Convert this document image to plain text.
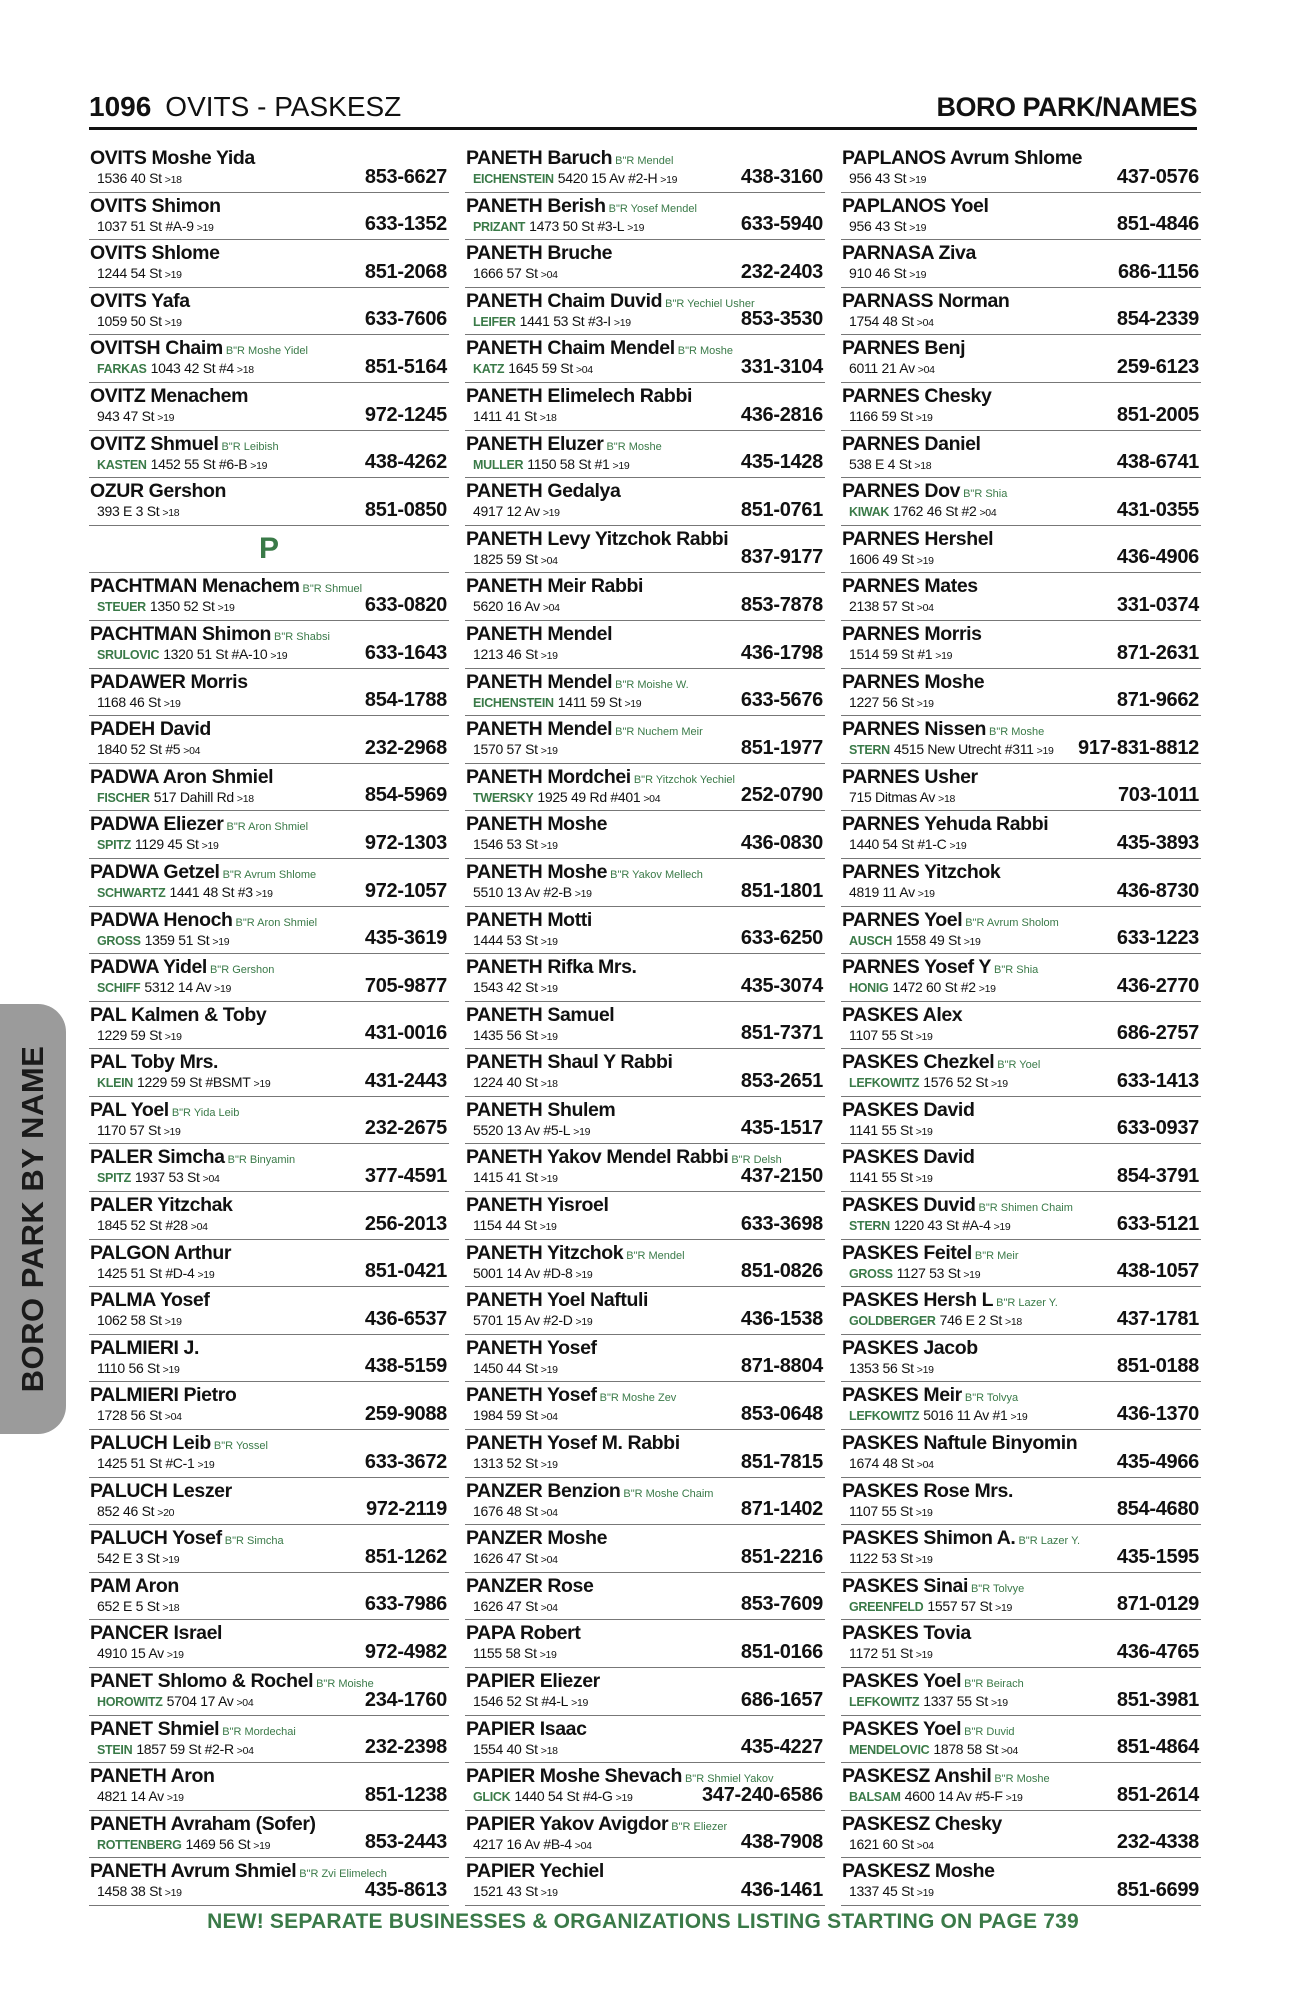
1096 OVITS - PASKESZ	BORO PARK/NAMES
BORO PARK BY NAME
OVITS Moshe Yida
1536 40 St >18	853-6627
OVITS Shimon
1037 51 St #A-9 >19	633-1352
OVITS Shlome
1244 54 St >19	851-2068
OVITS Yafa
1059 50 St >19	633-7606
OVITSH Chaim B"R Moshe Yidel
FARKAS 1043 42 St #4 >18	851-5164
OVITZ Menachem
943 47 St >19	972-1245
OVITZ Shmuel B"R Leibish
KASTEN 1452 55 St #6-B >19	438-4262
OZUR Gershon
393 E 3 St >18	851-0850
P
PACHTMAN Menachem B"R Shmuel
STEUER 1350 52 St >19	633-0820
PACHTMAN Shimon B"R Shabsi
SRULOVIC 1320 51 St #A-10 >19	633-1643
PADAWER Morris
1168 46 St >19	854-1788
PADEH David
1840 52 St #5 >04	232-2968
PADWA Aron Shmiel
FISCHER 517 Dahill Rd >18	854-5969
PADWA Eliezer B"R Aron Shmiel
SPITZ 1129 45 St >19	972-1303
PADWA Getzel B"R Avrum Shlome
SCHWARTZ 1441 48 St #3 >19	972-1057
PADWA Henoch B"R Aron Shmiel
GROSS 1359 51 St >19	435-3619
PADWA Yidel B"R Gershon
SCHIFF 5312 14 Av >19	705-9877
PAL Kalmen & Toby
1229 59 St >19	431-0016
PAL Toby Mrs.
KLEIN 1229 59 St #BSMT >19	431-2443
PAL Yoel B"R Yida Leib
1170 57 St >19	232-2675
PALER Simcha B"R Binyamin
SPITZ 1937 53 St >04	377-4591
PALER Yitzchak
1845 52 St #28 >04	256-2013
PALGON Arthur
1425 51 St #D-4 >19	851-0421
PALMA Yosef
1062 58 St >19	436-6537
PALMIERI J.
1110 56 St >19	438-5159
PALMIERI Pietro
1728 56 St >04	259-9088
PALUCH Leib B"R Yossel
1425 51 St #C-1 >19	633-3672
PALUCH Leszer
852 46 St >20	972-2119
PALUCH Yosef B"R Simcha
542 E 3 St >19	851-1262
PAM Aron
652 E 5 St >18	633-7986
PANCER Israel
4910 15 Av >19	972-4982
PANET Shlomo & Rochel B"R Moishe
HOROWITZ 5704 17 Av >04	234-1760
PANET Shmiel B"R Mordechai
STEIN 1857 59 St #2-R >04	232-2398
PANETH Aron
4821 14 Av >19	851-1238
PANETH Avraham (Sofer)
ROTTENBERG 1469 56 St >19	853-2443
PANETH Avrum Shmiel B"R Zvi Elimelech
1458 38 St >19	435-8613
PANETH Baruch B"R Mendel
EICHENSTEIN 5420 15 Av #2-H >19	438-3160
PANETH Berish B"R Yosef Mendel
PRIZANT 1473 50 St #3-L >19	633-5940
PANETH Bruche
1666 57 St >04	232-2403
PANETH Chaim Duvid B"R Yechiel Usher
LEIFER 1441 53 St #3-I >19	853-3530
PANETH Chaim Mendel B"R Moshe
KATZ 1645 59 St >04	331-3104
PANETH Elimelech Rabbi
1411 41 St >18	436-2816
PANETH Eluzer B"R Moshe
MULLER 1150 58 St #1 >19	435-1428
PANETH Gedalya
4917 12 Av >19	851-0761
PANETH Levy Yitzchok Rabbi
1825 59 St >04	837-9177
PANETH Meir Rabbi
5620 16 Av >04	853-7878
PANETH Mendel
1213 46 St >19	436-1798
PANETH Mendel B"R Moishe W.
EICHENSTEIN 1411 59 St >19	633-5676
PANETH Mendel B"R Nuchem Meir
1570 57 St >19	851-1977
PANETH Mordchei B"R Yitzchok Yechiel
TWERSKY 1925 49 Rd #401 >04	252-0790
PANETH Moshe
1546 53 St >19	436-0830
PANETH Moshe B"R Yakov Mellech
5510 13 Av #2-B >19	851-1801
PANETH Motti
1444 53 St >19	633-6250
PANETH Rifka Mrs.
1543 42 St >19	435-3074
PANETH Samuel
1435 56 St >19	851-7371
PANETH Shaul Y Rabbi
1224 40 St >18	853-2651
PANETH Shulem
5520 13 Av #5-L >19	435-1517
PANETH Yakov Mendel Rabbi B"R Delsh
1415 41 St >19	437-2150
PANETH Yisroel
1154 44 St >19	633-3698
PANETH Yitzchok B"R Mendel
5001 14 Av #D-8 >19	851-0826
PANETH Yoel Naftuli
5701 15 Av #2-D >19	436-1538
PANETH Yosef
1450 44 St >19	871-8804
PANETH Yosef B"R Moshe Zev
1984 59 St >04	853-0648
PANETH Yosef M. Rabbi
1313 52 St >19	851-7815
PANZER Benzion B"R Moshe Chaim
1676 48 St >04	871-1402
PANZER Moshe
1626 47 St >04	851-2216
PANZER Rose
1626 47 St >04	853-7609
PAPA Robert
1155 58 St >19	851-0166
PAPIER Eliezer
1546 52 St #4-L >19	686-1657
PAPIER Isaac
1554 40 St >18	435-4227
PAPIER Moshe Shevach B"R Shmiel Yakov
GLICK 1440 54 St #4-G >19	347-240-6586
PAPIER Yakov Avigdor B"R Eliezer
4217 16 Av #B-4 >04	438-7908
PAPIER Yechiel
1521 43 St >19	436-1461
PAPLANOS Avrum Shlome
956 43 St >19	437-0576
PAPLANOS Yoel
956 43 St >19	851-4846
PARNASA Ziva
910 46 St >19	686-1156
PARNASS Norman
1754 48 St >04	854-2339
PARNES Benj
6011 21 Av >04	259-6123
PARNES Chesky
1166 59 St >19	851-2005
PARNES Daniel
538 E 4 St >18	438-6741
PARNES Dov B"R Shia
KIWAK 1762 46 St #2 >04	431-0355
PARNES Hershel
1606 49 St >19	436-4906
PARNES Mates
2138 57 St >04	331-0374
PARNES Morris
1514 59 St #1 >19	871-2631
PARNES Moshe
1227 56 St >19	871-9662
PARNES Nissen B"R Moshe
STERN 4515 New Utrecht #311 >19 917-831-8812
PARNES Usher
715 Ditmas Av >18	703-1011
PARNES Yehuda Rabbi
1440 54 St #1-C >19	435-3893
PARNES Yitzchok
4819 11 Av >19	436-8730
PARNES Yoel B"R Avrum Sholom
AUSCH 1558 49 St >19	633-1223
PARNES Yosef Y B"R Shia
HONIG 1472 60 St #2 >19	436-2770
PASKES Alex
1107 55 St >19	686-2757
PASKES Chezkel B"R Yoel
LEFKOWITZ 1576 52 St >19	633-1413
PASKES David
1141 55 St >19	633-0937
PASKES David
1141 55 St >19	854-3791
PASKES Duvid B"R Shimen Chaim
STERN 1220 43 St #A-4 >19	633-5121
PASKES Feitel B"R Meir
GROSS 1127 53 St >19	438-1057
PASKES Hersh L B"R Lazer Y.
GOLDBERGER 746 E 2 St >18	437-1781
PASKES Jacob
1353 56 St >19	851-0188
PASKES Meir B"R Tolvya
LEFKOWITZ 5016 11 Av #1 >19	436-1370
PASKES Naftule Binyomin
1674 48 St >04	435-4966
PASKES Rose Mrs.
1107 55 St >19	854-4680
PASKES Shimon A. B"R Lazer Y.
1122 53 St >19	435-1595
PASKES Sinai B"R Tolvye
GREENFELD 1557 57 St >19	871-0129
PASKES Tovia
1172 51 St >19	436-4765
PASKES Yoel B"R Beirach
LEFKOWITZ 1337 55 St >19	851-3981
PASKES Yoel B"R Duvid
MENDELOVIC 1878 58 St >04	851-4864
PASKESZ Anshil B"R Moshe
BALSAM 4600 14 Av #5-F >19	851-2614
PASKESZ Chesky
1621 60 St >04	232-4338
PASKESZ Moshe
1337 45 St >19	851-6699
NEW! SEPARATE BUSINESSES & ORGANIZATIONS LISTING STARTING ON PAGE 739
